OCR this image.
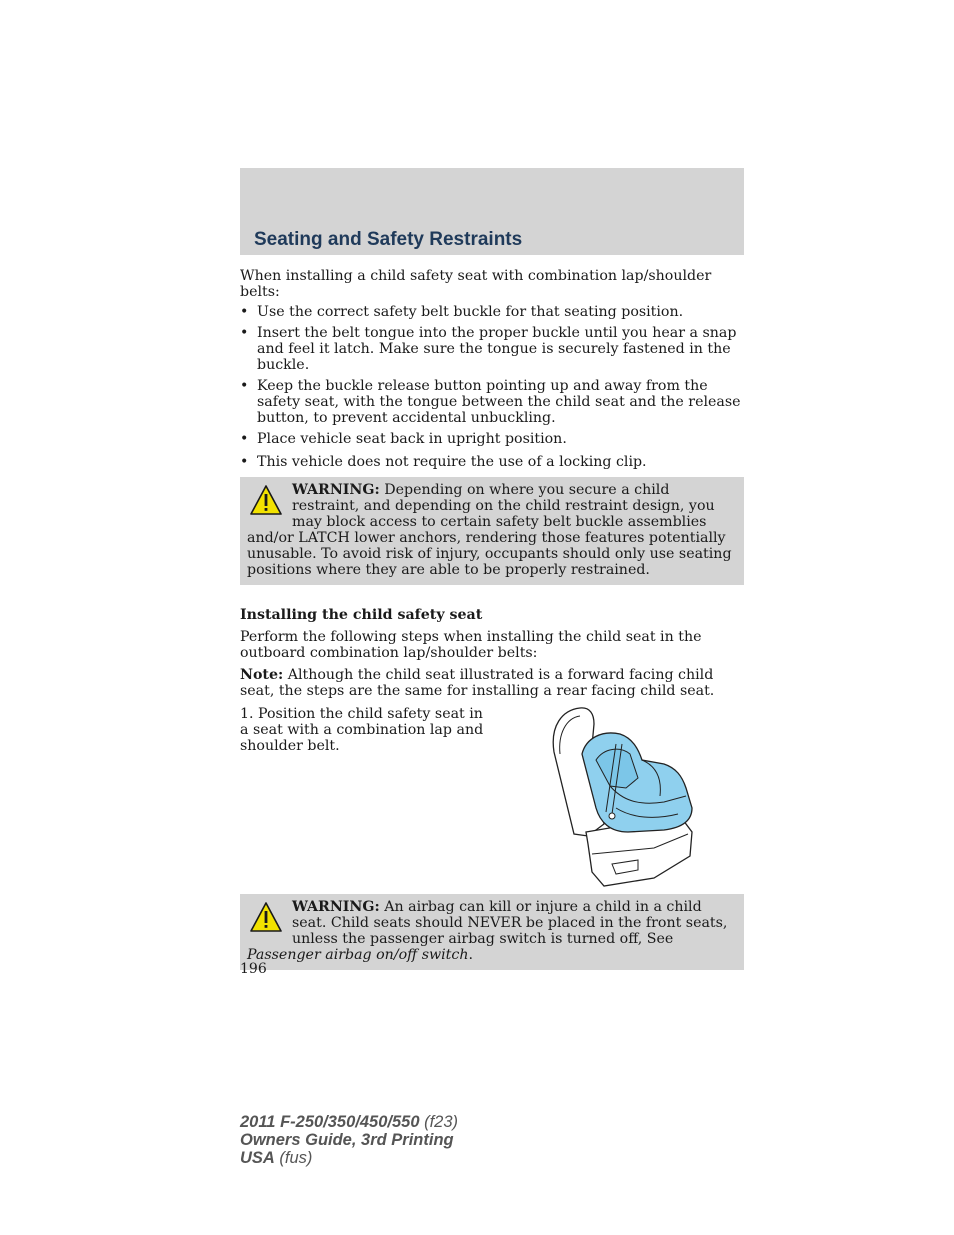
Seating and Safety Restraints

When installing a child safety seat with combination lap/shoulder belts:

• Use the correct safety belt buckle for that seating position.
• Insert the belt tongue into the proper buckle until you hear a snap and feel it latch. Make sure the tongue is securely fastened in the buckle.
• Keep the buckle release button pointing up and away from the safety seat, with the tongue between the child seat and the release button, to prevent accidental unbuckling.
• Place vehicle seat back in upright position.
• This vehicle does not require the use of a locking clip.
WARNING: Depending on where you secure a child restraint, and depending on the child restraint design, you may block access to certain safety belt buckle assemblies and/or LATCH lower anchors, rendering those features potentially unusable. To avoid risk of injury, occupants should only use seating positions where they are able to be properly restrained.

Installing the child safety seat

Perform the following steps when installing the child seat in the outboard combination lap/shoulder belts:

Note: Although the child seat illustrated is a forward facing child seat, the steps are the same for installing a rear facing child seat.

1. Position the child safety seat in a seat with a combination lap and shoulder belt.

WARNING: An airbag can kill or injure a child in a child seat. Child seats should NEVER be placed in the front seats, unless the passenger airbag switch is turned off, See Passenger airbag on/off switch.
196
2011 F-250/350/450/550 (f23)
Owners Guide, 3rd Printing
USA (fus)
